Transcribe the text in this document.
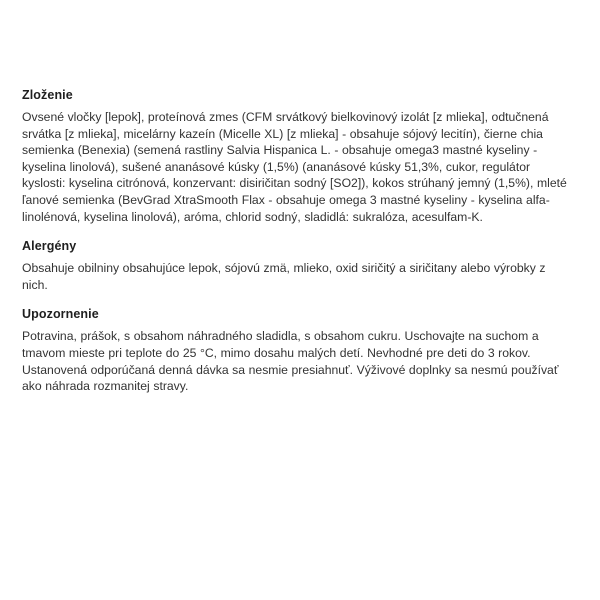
Zloženie

Ovsené vločky [lepok], proteínová zmes (CFM srvátkový bielkovinový izolát [z mlieka], odtučnená srvátka [z mlieka], micelárny kazeín (Micelle XL) [z mlieka] - obsahuje sójový lecitín), čierne chia semienka (Benexia) (semená rastliny Salvia Hispanica L. - obsahuje omega3 mastné kyseliny - kyselina linolová), sušené ananásové kúsky (1,5%) (ananásové kúsky 51,3%, cukor, regulátor kyslosti: kyselina citrónová, konzervant: disiričitan sodný [SO2]), kokos strúhaný jemný (1,5%), mleté ľanové semienka (BevGrad XtraSmooth Flax - obsahuje omega 3 mastné kyseliny - kyselina alfa-linolénová, kyselina linolová), aróma, chlorid sodný, sladidlá: sukralóza, acesulfam-K.

Alergény

Obsahuje obilniny obsahujúce lepok, sójovú zmä, mlieko, oxid siričitý a siričitany alebo výrobky z nich.

Upozornenie

Potravina, prášok, s obsahom náhradného sladidla, s obsahom cukru. Uschovajte na suchom a tmavom mieste pri teplote do 25 °C, mimo dosahu malých detí. Nevhodné pre deti do 3 rokov. Ustanovená odporúčaná denná dávka sa nesmie presiahnuť. Výživové doplnky sa nesmú používať ako náhrada rozmanitej stravy.
